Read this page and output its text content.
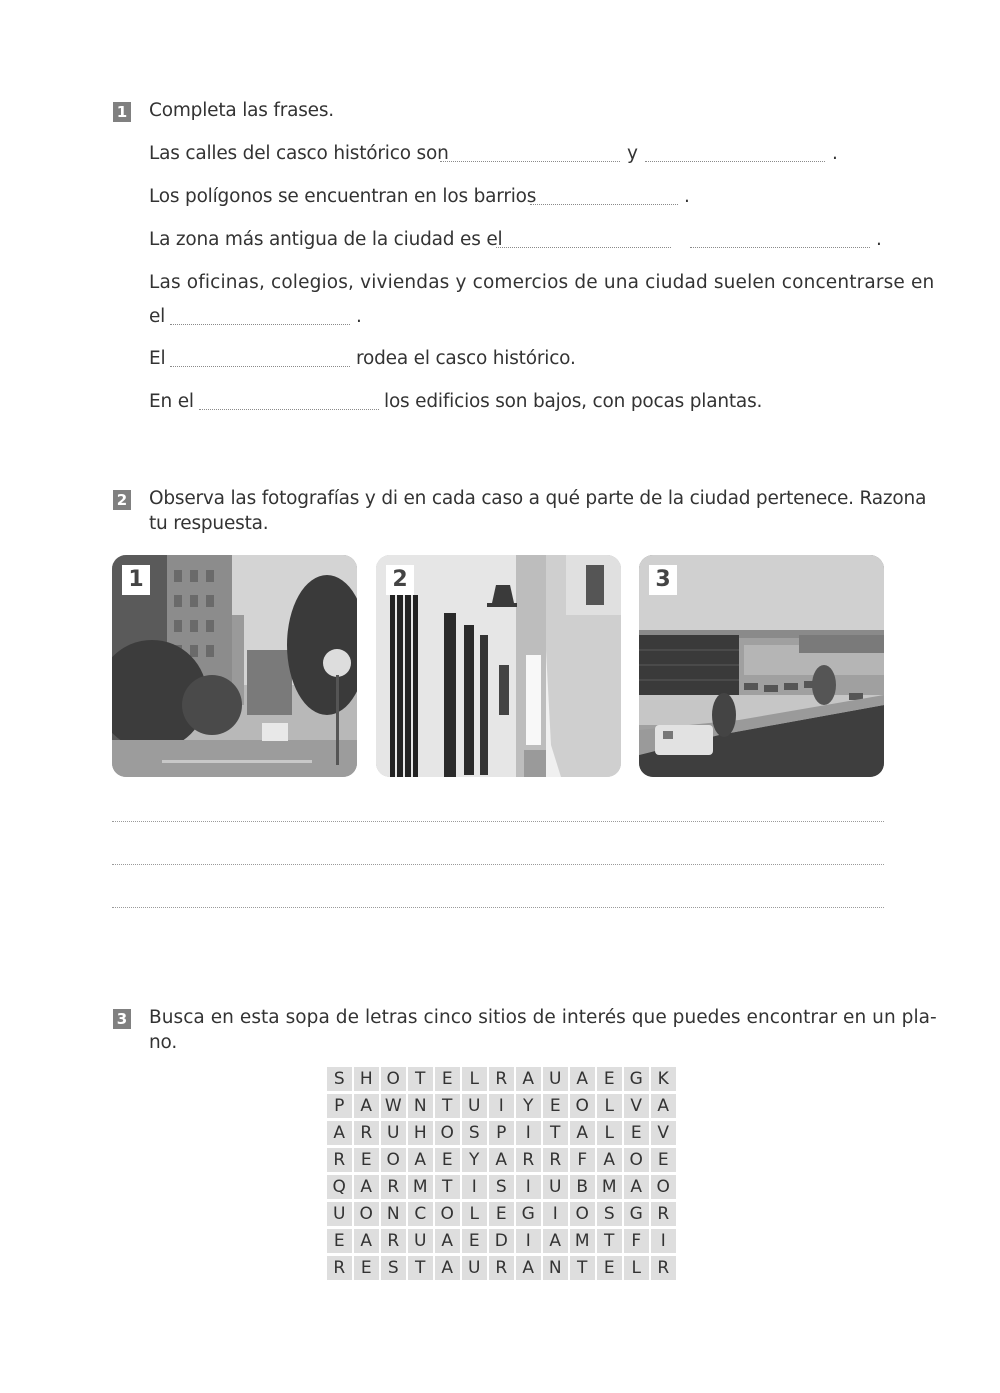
1 Completa las frases.
Las calles del casco histórico son	y	.
Los polígonos se encuentran en los barrios	.
La zona más antigua de la ciudad es el	.
Las oficinas, colegios, viviendas y comercios de una ciudad suelen concentrarse en
el	.
El	rodea el casco histórico.
En el	los edificios son bajos, con pocas plantas.
2 Observa las fotografías y di en cada caso a qué parte de la ciudad pertenece. Razona
tu respuesta.
1	2	3
3 Busca en esta sopa de letras cinco sitios de interés que puedes encontrar en un pla-
no.
S H O T E L R A U A E G K
P A W N T U	I	Y E O L V A
A R U H O S P	I	T A L E V
R E O A E Y A R R F A O E
Q A R M T	I	S	I	U B M A O
U O N C O L E G	I	O S G R
E A R U A E D	I	A M T F	I
R E S T A U R A N T E L R
